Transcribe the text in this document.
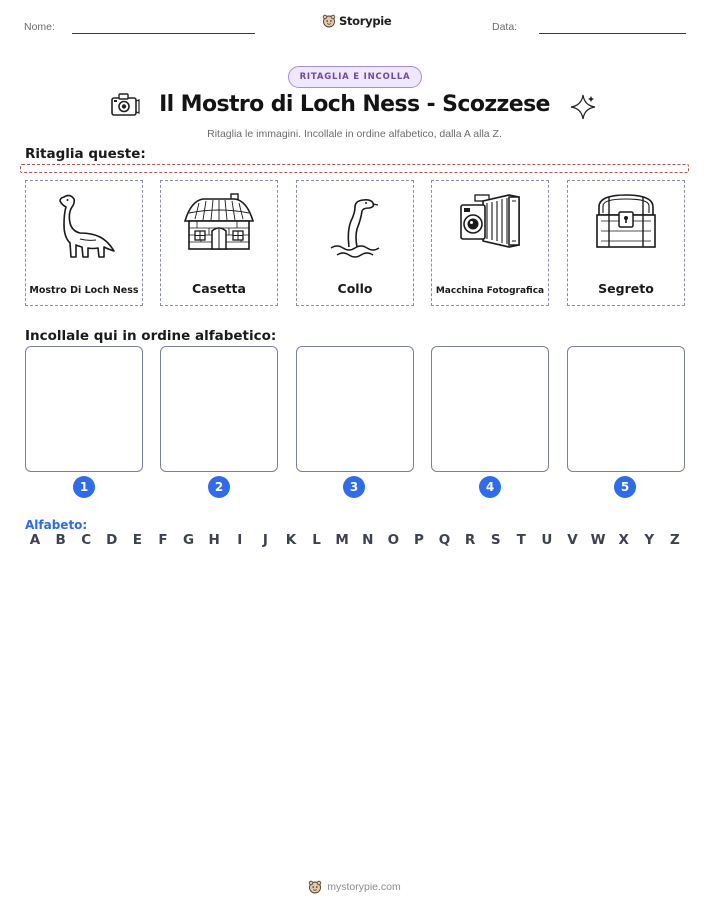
Nome:	Storypie	Data:
RITAGLIA E INCOLLA
Il Mostro di Loch Ness - Scozzese
Ritaglia le immagini. Incollale in ordine alfabetico, dalla A alla Z.
Ritaglia queste:
Mostro Di Loch Ness	Casetta	Collo	Macchina Fotografica	Segreto
Incollale qui in ordine alfabetico:
1	2	3	4	5
Alfabeto:
A	B	C	D	E	F	G	H	I	J	K	L	M N	O	P	Q	R	S	T	U	V W X	Y	Z
mystorypie.com
